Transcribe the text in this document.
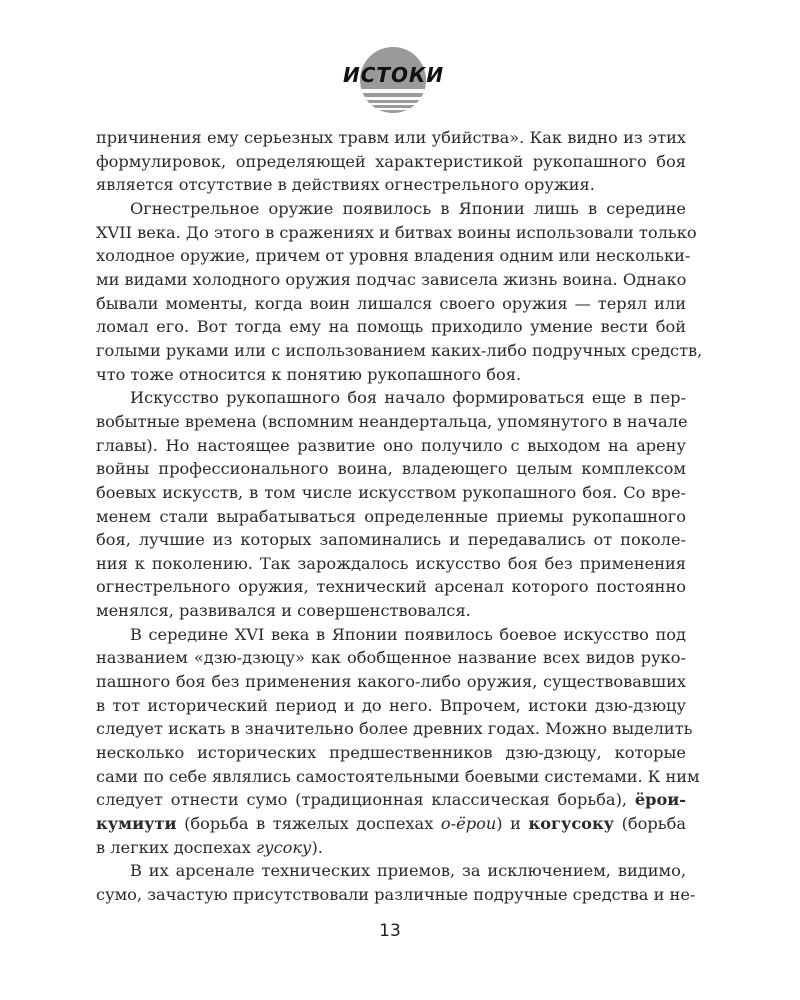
ИСТОКИ
причинения ему серьезных травм или убийства». Как видно из этих
формулировок, определяющей характеристикой рукопашного боя
является отсутствие в действиях огнестрельного оружия.
Огнестрельное оружие появилось в Японии лишь в середине
XVII века. До этого в сражениях и битвах воины использовали только
холодное оружие, причем от уровня владения одним или нескольки-
ми видами холодного оружия подчас зависела жизнь воина. Однако
бывали моменты, когда воин лишался своего оружия — терял или
ломал его. Вот тогда ему на помощь приходило умение вести бой
голыми руками или с использованием каких-либо подручных средств,
что тоже относится к понятию рукопашного боя.
Искусство рукопашного боя начало формироваться еще в пер-
вобытные времена (вспомним неандертальца, упомянутого в начале
главы). Но настоящее развитие оно получило с выходом на арену
войны профессионального воина, владеющего целым комплексом
боевых искусств, в том числе искусством рукопашного боя. Со вре-
менем стали вырабатываться определенные приемы рукопашного
боя, лучшие из которых запоминались и передавались от поколе-
ния к поколению. Так зарождалось искусство боя без применения
огнестрельного оружия, технический арсенал которого постоянно
менялся, развивался и совершенствовался.
В середине XVI века в Японии появилось боевое искусство под
названием «дзю-дзюцу» как обобщенное название всех видов руко-
пашного боя без применения какого-либо оружия, существовавших
в тот исторический период и до него. Впрочем, истоки дзю-дзюцу
следует искать в значительно более древних годах. Можно выделить
несколько исторических предшественников дзю-дзюцу, которые
сами по себе являлись самостоятельными боевыми системами. К ним
следует отнести сумо (традиционная классическая борьба), ёрои-
кумиути (борьба в тяжелых доспехах о-ёрои) и когусоку (борьба
в легких доспехах гусоку).
В их арсенале технических приемов, за исключением, видимо,
сумо, зачастую присутствовали различные подручные средства и не-
13
